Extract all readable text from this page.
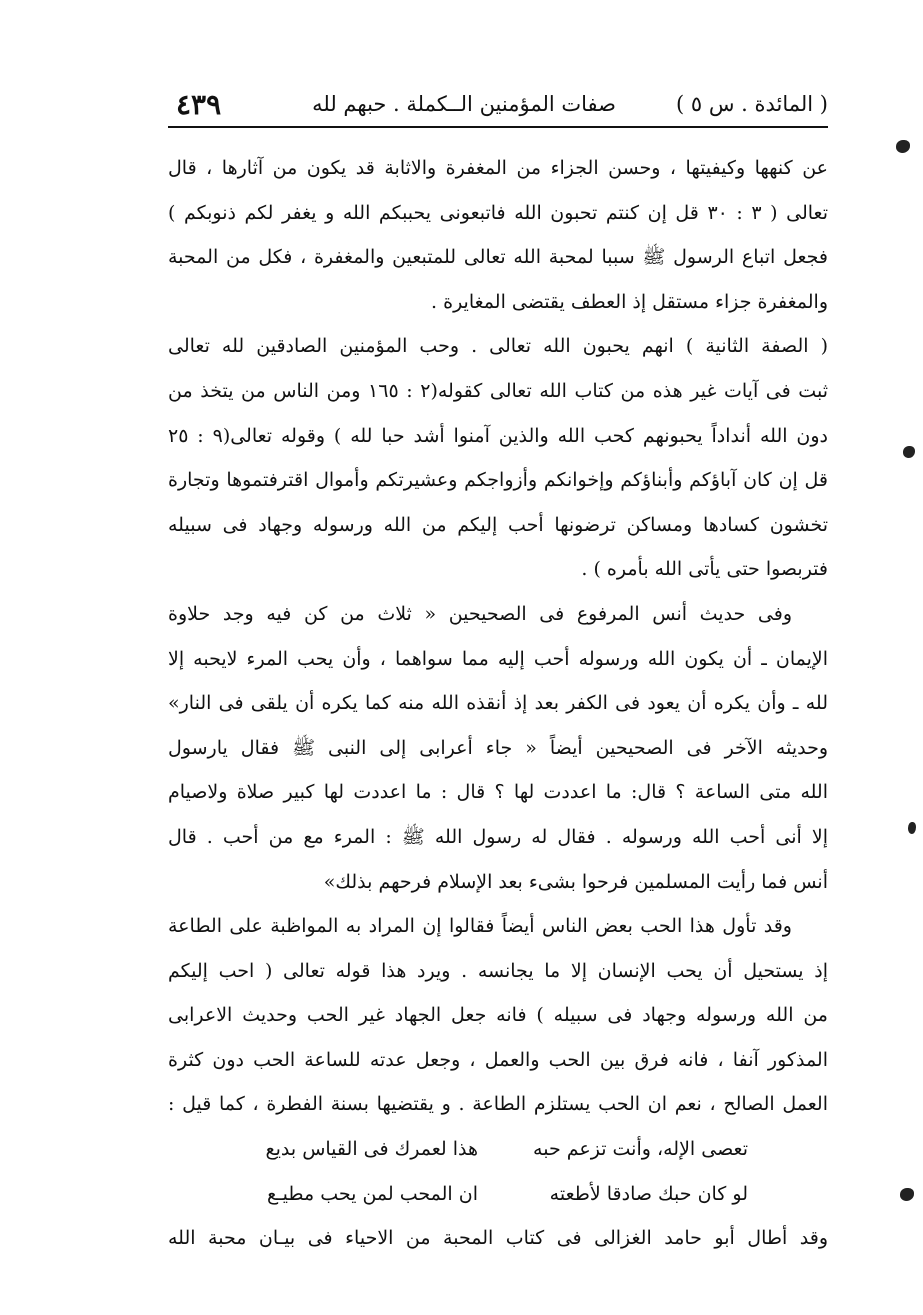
( المائدة . س ٥ )
صفات المؤمنين الــكملة . حبهم لله
٤٣٩
عن كنهها وكيفيتها ، وحسن الجزاء من المغفرة والاثابة قد يكون من آثارها ، قال
تعالى ( ٣ : ٣٠ قل إن كنتم تحبون الله فاتبعونى يحببكم الله و يغفر لكم ذنوبكم )
فجعل اتباع الرسول ﷺ سببا لمحبة الله تعالى للمتبعين والمغفرة ، فكل من المحبة
والمغفرة جزاء مستقل إذ العطف يقتضى المغايرة .
( الصفة الثانية ) انهم يحبون الله تعالى . وحب المؤمنين الصادقين لله تعالى
ثبت فى آيات غير هذه من كتاب الله تعالى كقوله(٢ : ١٦٥ ومن الناس من يتخذ من
دون الله أنداداً يحبونهم كحب الله والذين آمنوا أشد حبا لله ) وقوله تعالى(٩ : ٢٥
قل إن كان آباؤكم وأبناؤكم وإخوانكم وأزواجكم وعشيرتكم وأموال اقترفتموها وتجارة
تخشون كسادها ومساكن ترضونها أحب إليكم من الله ورسوله وجهاد فى سبيله
فتربصوا حتى يأتى الله بأمره ) .
وفى حديث أنس المرفوع فى الصحيحين « ثلاث من كن فيه وجد حلاوة
الإيمان ـ أن يكون الله ورسوله أحب إليه مما سواهما ، وأن يحب المرء لايحبه إلا
لله ـ وأن يكره أن يعود فى الكفر بعد إذ أنقذه الله منه كما يكره أن يلقى فى النار»
وحديثه الآخر فى الصحيحين أيضاً « جاء أعرابى إلى النبى ﷺ فقال يارسول
الله متى الساعة ؟ قال: ما اعددت لها ؟ قال : ما اعددت لها كبير صلاة ولاصيام
إلا أنى أحب الله ورسوله . فقال له رسول الله ﷺ : المرء مع من أحب . قال
أنس فما رأيت المسلمين فرحوا بشىء بعد الإسلام فرحهم بذلك»
وقد تأول هذا الحب بعض الناس أيضاً فقالوا إن المراد به المواظبة على الطاعة
إذ يستحيل أن يحب الإنسان إلا ما يجانسه . ويرد هذا قوله تعالى ( احب إليكم
من الله ورسوله وجهاد فى سبيله ) فانه جعل الجهاد غير الحب وحديث الاعرابى
المذكور آنفا ، فانه فرق بين الحب والعمل ، وجعل عدته للساعة الحب دون كثرة
العمل الصالح ، نعم ان الحب يستلزم الطاعة . و يقتضيها بسنة الفطرة ، كما قيل :
تعصى الإله، وأنت تزعم حبه
هذا لعمرك فى القياس بديع
لو كان حبك صادقا لأطعته
ان المحب لمن يحب مطيـع
وقد أطال أبو حامد الغزالى فى كتاب المحبة من الاحياء فى بيـان محبة الله
